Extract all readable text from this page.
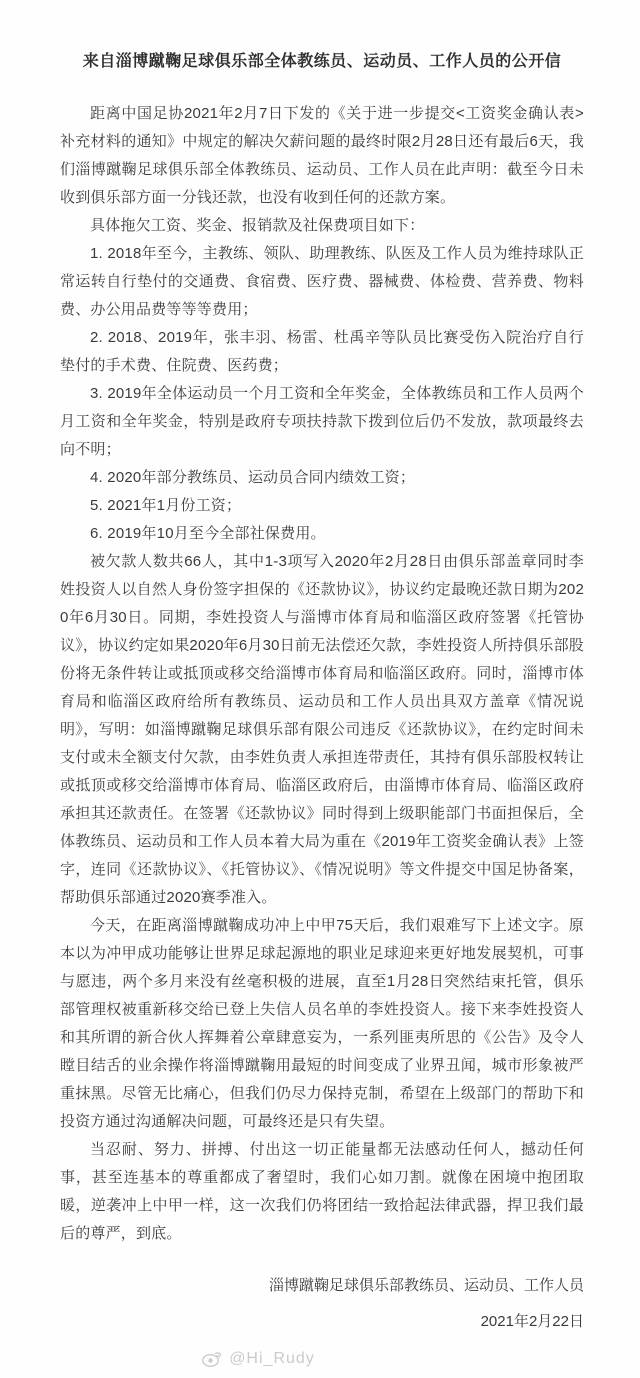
来自淄博蹴鞠足球俱乐部全体教练员、运动员、工作人员的公开信

距离中国足协2021年2月7日下发的《关于进一步提交<工资奖金确认表>补充材料的通知》中规定的解决欠薪问题的最终时限2月28日还有最后6天，我们淄博蹴鞠足球俱乐部全体教练员、运动员、工作人员在此声明：截至今日未收到俱乐部方面一分钱还款，也没有收到任何的还款方案。

具体拖欠工资、奖金、报销款及社保费项目如下：

1. 2018年至今，主教练、领队、助理教练、队医及工作人员为维持球队正常运转自行垫付的交通费、食宿费、医疗费、器械费、体检费、营养费、物料费、办公用品费等等等费用；

2. 2018、2019年，张丰羽、杨雷、杜禹辛等队员比赛受伤入院治疗自行垫付的手术费、住院费、医药费；

3. 2019年全体运动员一个月工资和全年奖金，全体教练员和工作人员两个月工资和全年奖金，特别是政府专项扶持款下拨到位后仍不发放，款项最终去向不明；

4. 2020年部分教练员、运动员合同内绩效工资；

5. 2021年1月份工资；

6. 2019年10月至今全部社保费用。

被欠款人数共66人，其中1-3项写入2020年2月28日由俱乐部盖章同时李姓投资人以自然人身份签字担保的《还款协议》，协议约定最晚还款日期为2020年6月30日。同期，李姓投资人与淄博市体育局和临淄区政府签署《托管协议》，协议约定如果2020年6月30日前无法偿还欠款，李姓投资人所持俱乐部股份将无条件转让或抵顶或移交给淄博市体育局和临淄区政府。同时，淄博市体育局和临淄区政府给所有教练员、运动员和工作人员出具双方盖章《情况说明》，写明：如淄博蹴鞠足球俱乐部有限公司违反《还款协议》，在约定时间未支付或未全额支付欠款，由李姓负责人承担连带责任，其持有俱乐部股权转让或抵顶或移交给淄博市体育局、临淄区政府后，由淄博市体育局、临淄区政府承担其还款责任。在签署《还款协议》同时得到上级职能部门书面担保后，全体教练员、运动员和工作人员本着大局为重在《2019年工资奖金确认表》上签字，连同《还款协议》、《托管协议》、《情况说明》等文件提交中国足协备案，帮助俱乐部通过2020赛季准入。

今天，在距离淄博蹴鞠成功冲上中甲75天后，我们艰难写下上述文字。原本以为冲甲成功能够让世界足球起源地的职业足球迎来更好地发展契机，可事与愿违，两个多月来没有丝毫积极的进展，直至1月28日突然结束托管，俱乐部管理权被重新移交给已登上失信人员名单的李姓投资人。接下来李姓投资人和其所谓的新合伙人挥舞着公章肆意妄为，一系列匪夷所思的《公告》及令人瞠目结舌的业余操作将淄博蹴鞠用最短的时间变成了业界丑闻，城市形象被严重抹黑。尽管无比痛心，但我们仍尽力保持克制，希望在上级部门的帮助下和投资方通过沟通解决问题，可最终还是只有失望。

当忍耐、努力、拼搏、付出这一切正能量都无法感动任何人，撼动任何事，甚至连基本的尊重都成了奢望时，我们心如刀割。就像在困境中抱团取暖，逆袭冲上中甲一样，这一次我们仍将团结一致拾起法律武器，捍卫我们最后的尊严，到底。

淄博蹴鞠足球俱乐部教练员、运动员、工作人员
2021年2月22日
@Hi_Rudy
